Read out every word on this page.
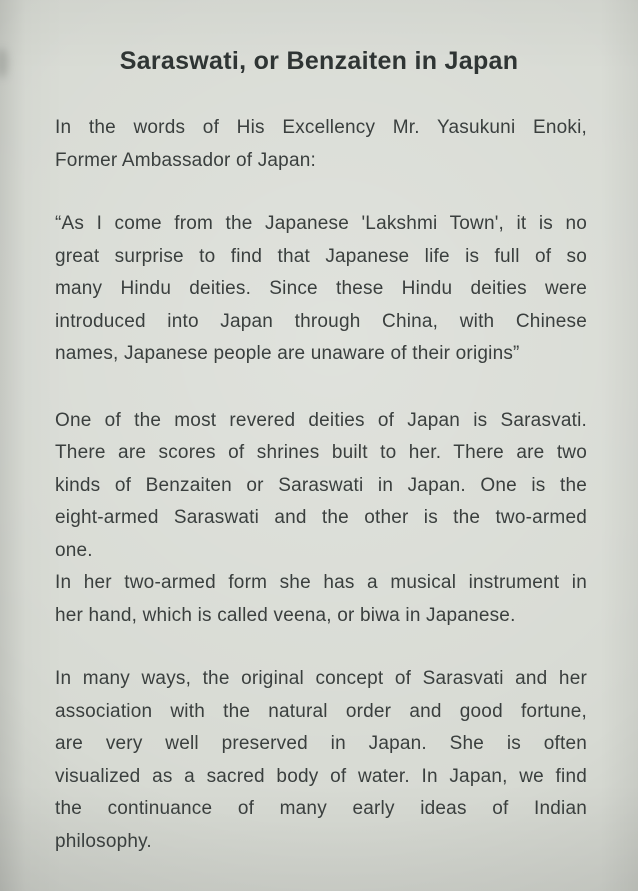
Saraswati, or Benzaiten in Japan
In the words of His Excellency Mr. Yasukuni Enoki,
Former Ambassador of Japan:
“As I come from the Japanese 'Lakshmi Town', it is no
great surprise to find that Japanese life is full of so
many Hindu deities. Since these Hindu deities were
introduced into Japan through China, with Chinese
names, Japanese people are unaware of their origins”
One of the most revered deities of Japan is Sarasvati.
There are scores of shrines built to her. There are two
kinds of Benzaiten or Saraswati in Japan. One is the
eight-armed Saraswati and the other is the two-armed
one.
In her two-armed form she has a musical instrument in
her hand, which is called veena, or biwa in Japanese.
In many ways, the original concept of Sarasvati and her
association with the natural order and good fortune,
are very well preserved in Japan. She is often
visualized as a sacred body of water. In Japan, we find
the continuance of many early ideas of Indian
philosophy.
